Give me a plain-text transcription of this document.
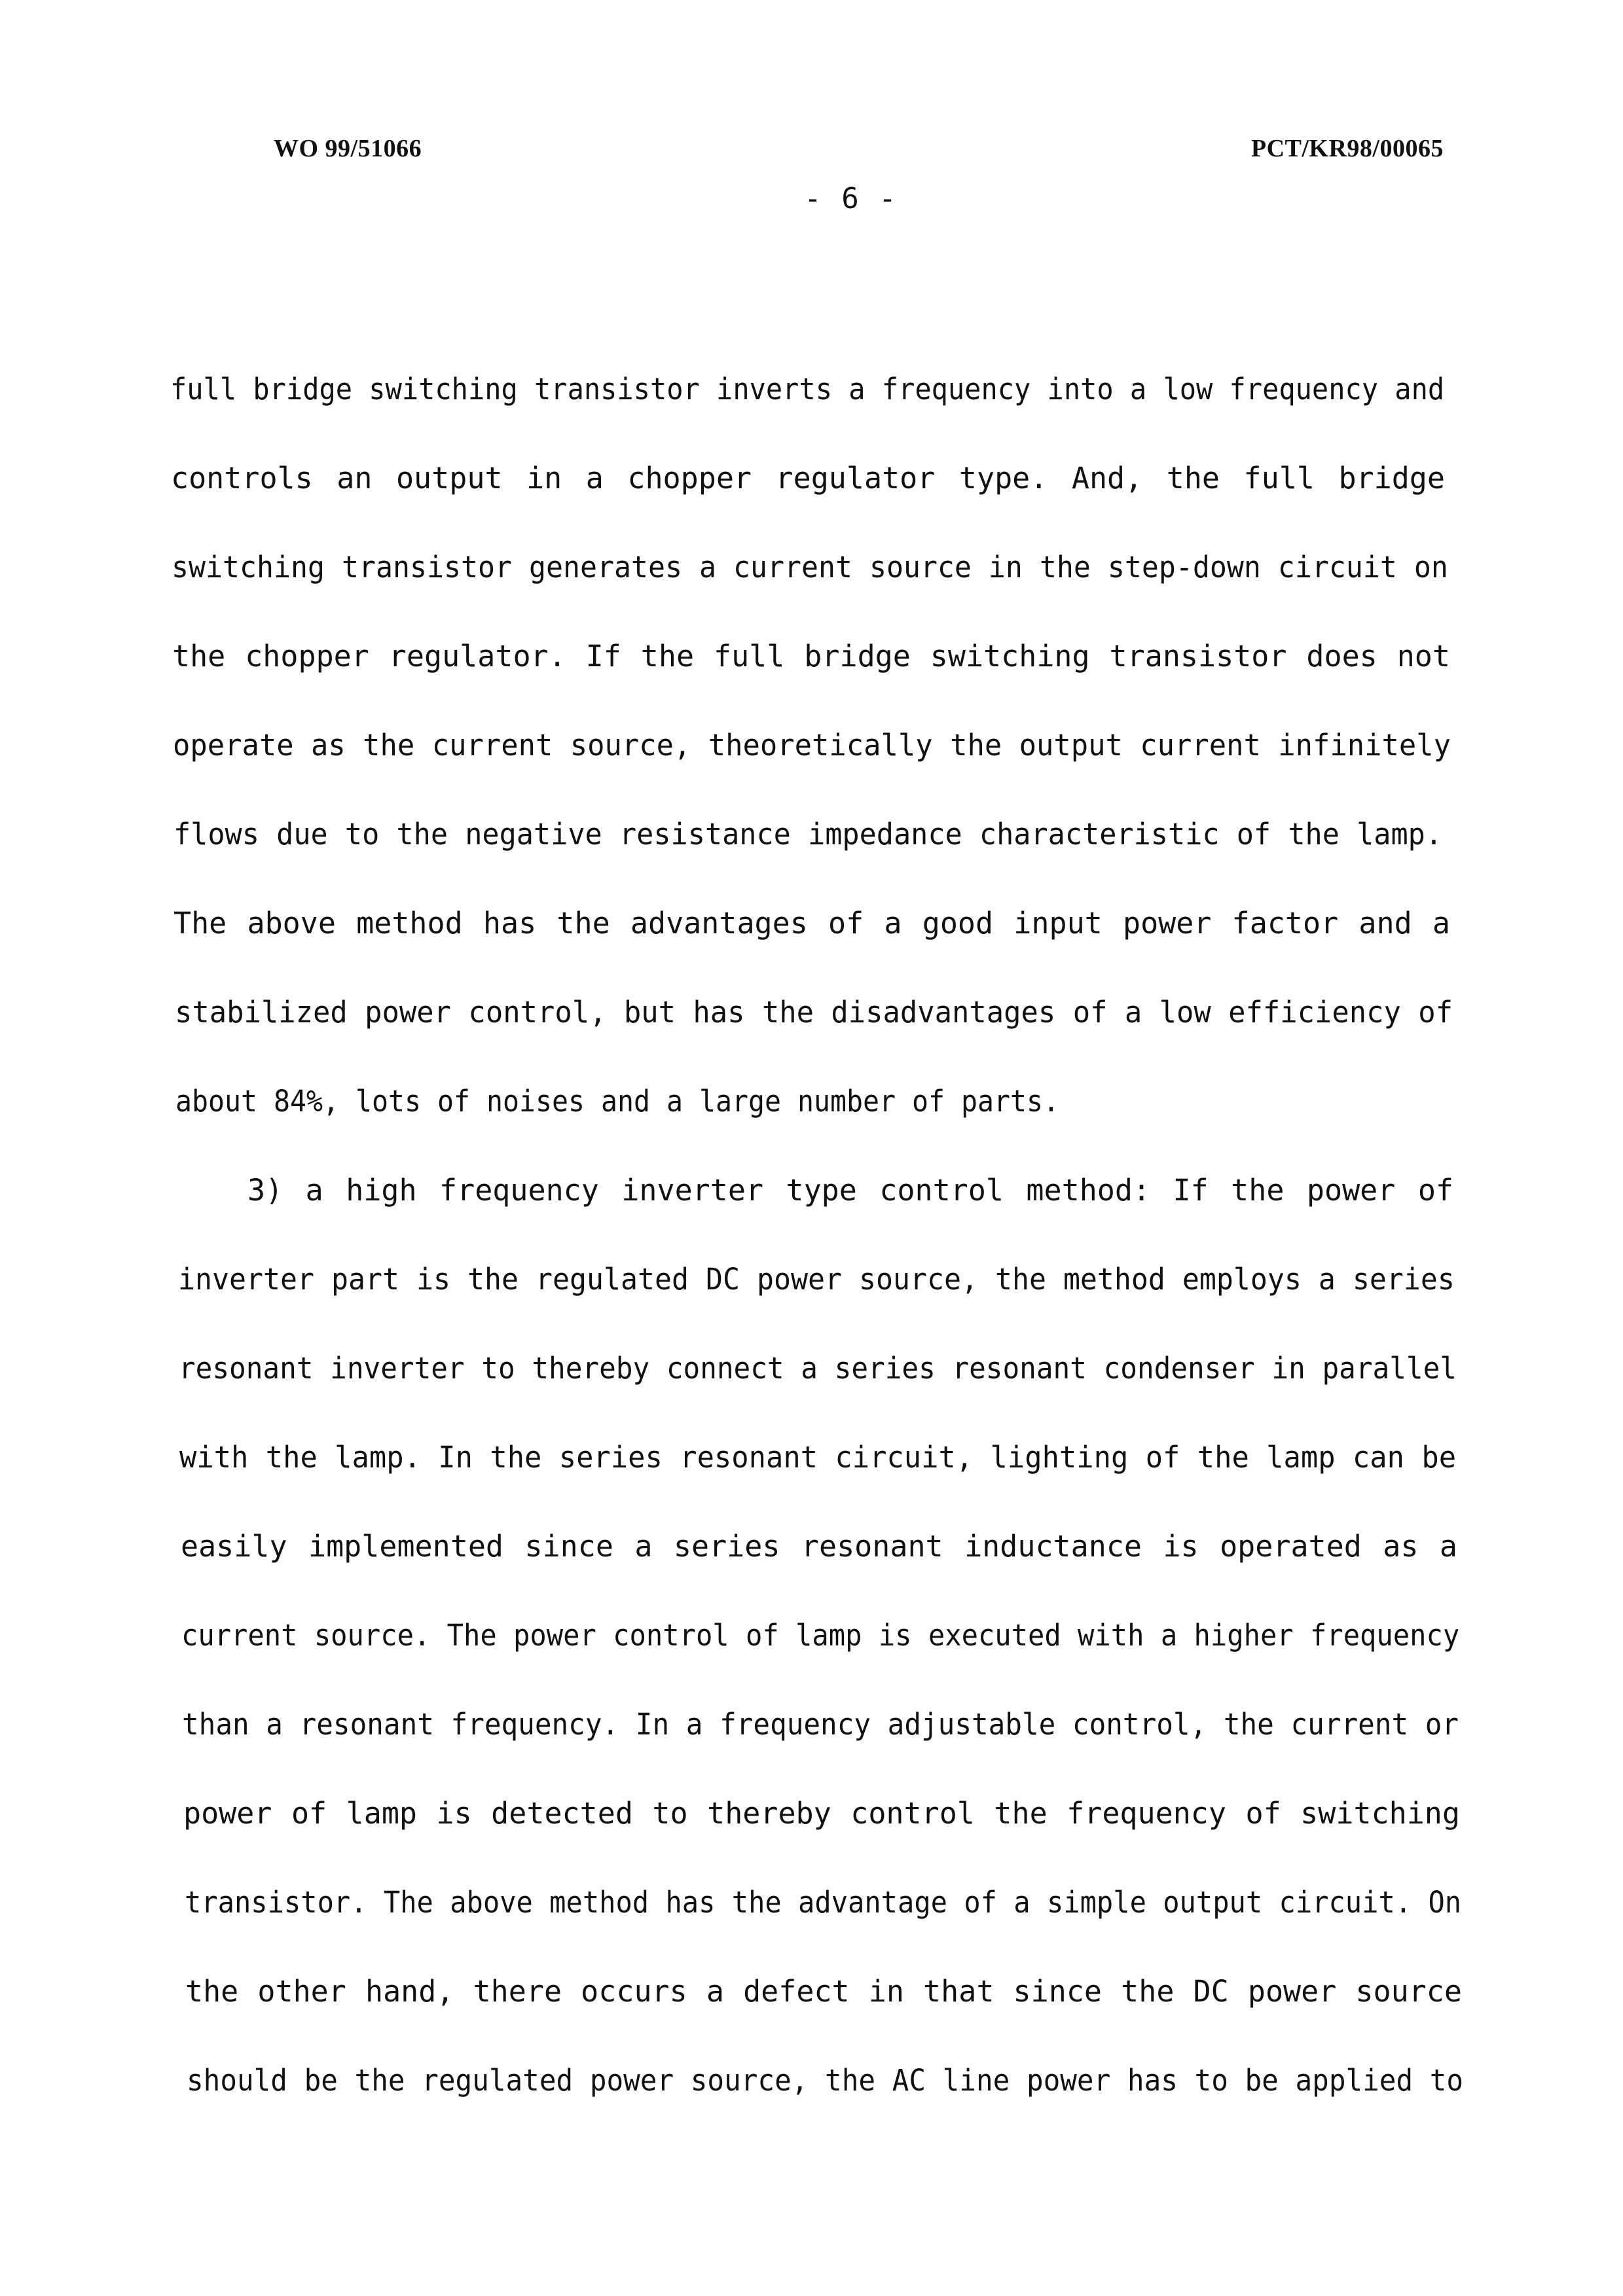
WO 99/51066	PCT/KR98/00065
- 6 -
full bridge switching transistor inverts a frequency into a low frequency and
controls an output in a chopper regulator type. And, the full bridge
switching transistor generates a current source in the step-down circuit on
the chopper regulator. If the full bridge switching transistor does not
operate as the current source, theoretically the output current infinitely
flows due to the negative resistance impedance characteristic of the lamp.
The above method has the advantages of a good input power factor and a
stabilized power control, but has the disadvantages of a low efficiency of
about 84%, lots of noises and a large number of parts.
3) a high frequency inverter type control method: If the power of
inverter part is the regulated DC power source, the method employs a series
resonant inverter to thereby connect a series resonant condenser in parallel
with the lamp. In the series resonant circuit, lighting of the lamp can be
easily implemented since a series resonant inductance is operated as a
current source. The power control of lamp is executed with a higher frequency
than a resonant frequency. In a frequency adjustable control, the current or
power of lamp is detected to thereby control the frequency of switching
transistor. The above method has the advantage of a simple output circuit. On
the other hand, there occurs a defect in that since the DC power source
should be the regulated power source, the AC line power has to be applied to
